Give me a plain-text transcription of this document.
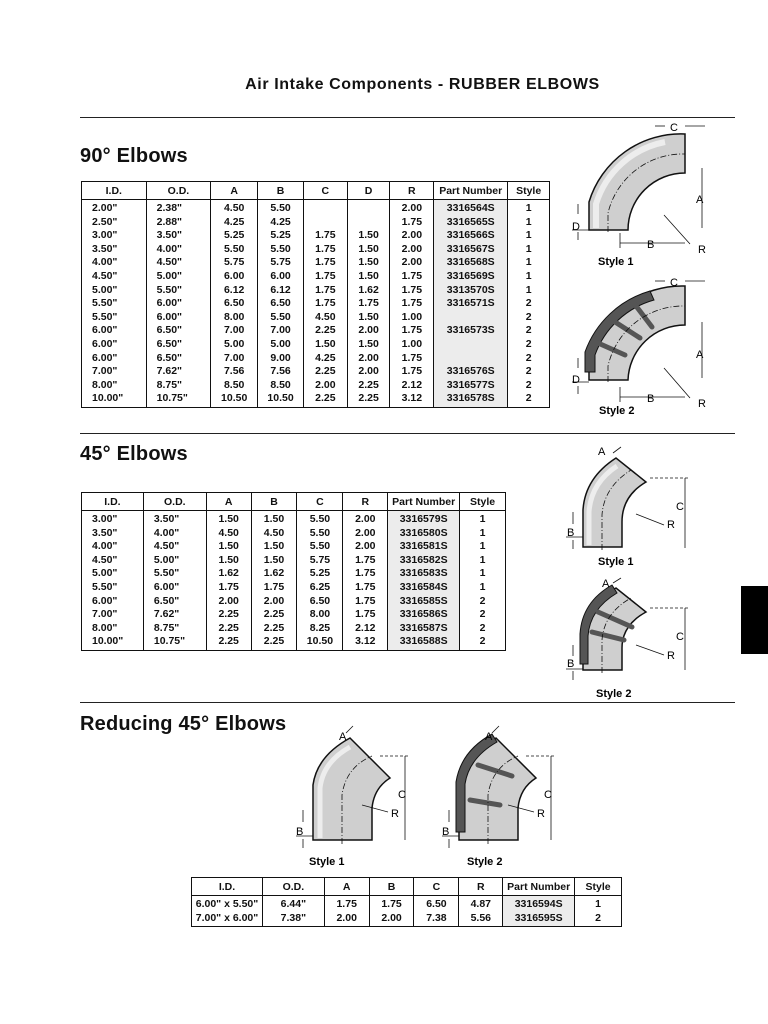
Air Intake Components - RUBBER ELBOWS
90° Elbows
I.D.	O.D.	A	B	C	D	R	Part Number	Style
2.00"	2.38"	4.50	5.50			2.00	3316564S	1
2.50"	2.88"	4.25	4.25			1.75	3316565S	1
3.00"	3.50"	5.25	5.25	1.75	1.50	2.00	3316566S	1
3.50"	4.00"	5.50	5.50	1.75	1.50	2.00	3316567S	1
4.00"	4.50"	5.75	5.75	1.75	1.50	2.00	3316568S	1
4.50"	5.00"	6.00	6.00	1.75	1.50	1.75	3316569S	1
5.00"	5.50"	6.12	6.12	1.75	1.62	1.75	3313570S	1
5.50"	6.00"	6.50	6.50	1.75	1.75	1.75	3316571S	2
5.50"	6.00"	8.00	5.50	4.50	1.50	1.00		2
6.00"	6.50"	7.00	7.00	2.25	2.00	1.75	3316573S	2
6.00"	6.50"	5.00	5.00	1.50	1.50	1.00		2
6.00"	6.50"	7.00	9.00	4.25	2.00	1.75		2
7.00"	7.62"	7.56	7.56	2.25	2.00	1.75	3316576S	2
8.00"	8.75"	8.50	8.50	2.00	2.25	2.12	3316577S	2
10.00"	10.75"	10.50	10.50	2.25	2.25	3.12	3316578S	2
C
A
D
B	R
Style 1
C
A
D
B	R
Style 2
45° Elbows
I.D.	O.D.	A	B	C	R	Part Number	Style
3.00"	3.50"	1.50	1.50	5.50	2.00	3316579S	1
3.50"	4.00"	4.50	4.50	5.50	2.00	3316580S	1
4.00"	4.50"	1.50	1.50	5.50	2.00	3316581S	1
4.50"	5.00"	1.50	1.50	5.75	1.75	3316582S	1
5.00"	5.50"	1.62	1.62	5.25	1.75	3316583S	1
5.50"	6.00"	1.75	1.75	6.25	1.75	3316584S	1
6.00"	6.50"	2.00	2.00	6.50	1.75	3316585S	2
7.00"	7.62"	2.25	2.25	8.00	1.75	3316586S	2
8.00"	8.75"	2.25	2.25	8.25	2.12	3316587S	2
10.00"	10.75"	2.25	2.25	10.50	3.12	3316588S	2
A
C
R
B
Style 1
A
C
R
B
Style 2
Reducing 45° Elbows
A
C
R
B
Style 1
A
C
R
B
Style 2
I.D.	O.D.	A	B	C	R	Part Number	Style
6.00" x 5.50"	6.44"	1.75	1.75	6.50	4.87	3316594S	1
7.00" x 6.00"	7.38"	2.00	2.00	7.38	5.56	3316595S	2
